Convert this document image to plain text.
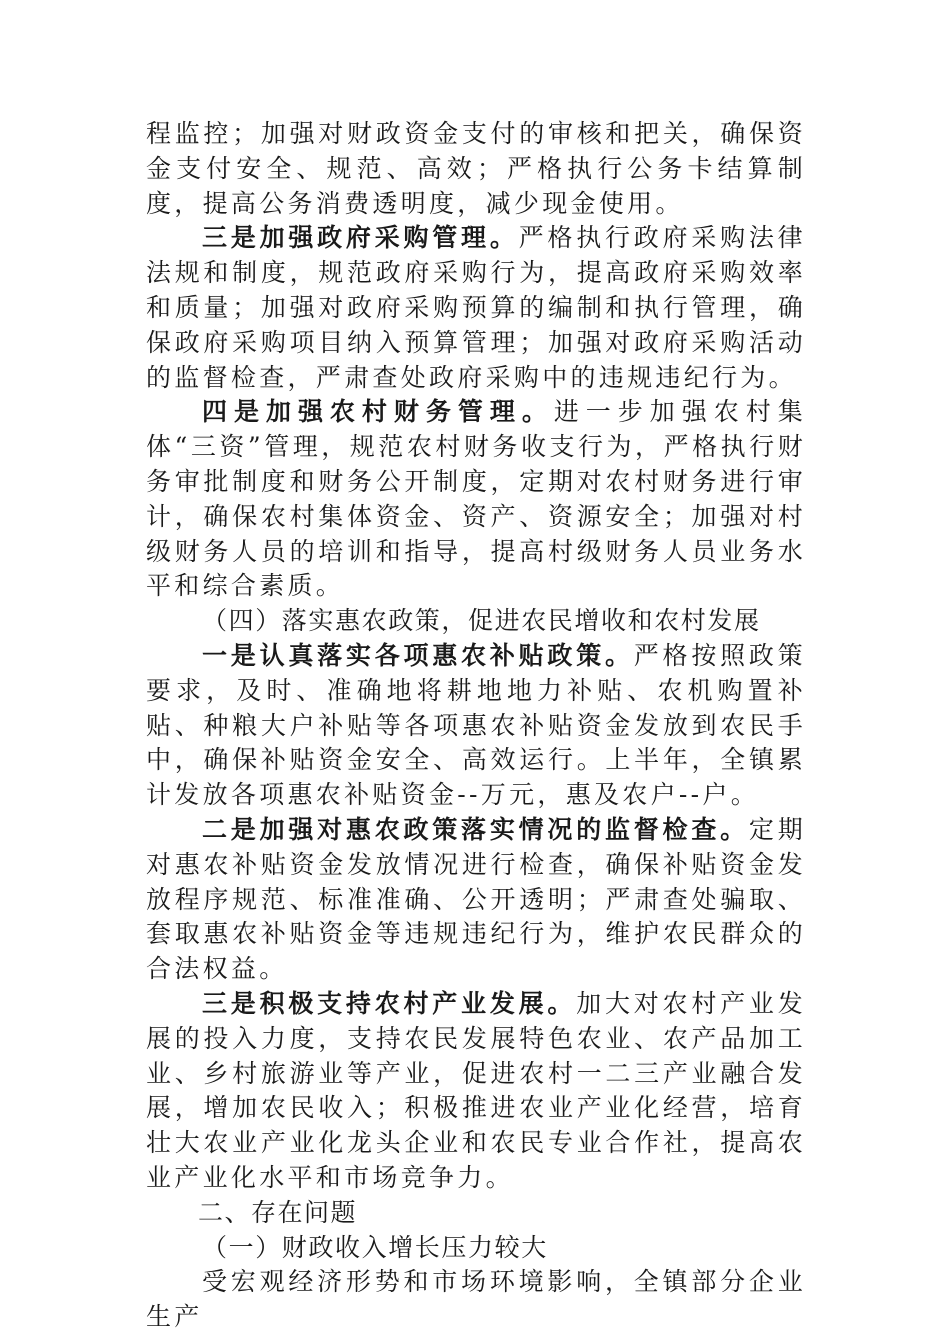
程监控；加强对财政资金支付的审核和把关，确保资金支付安全、规范、高效；严格执行公务卡结算制度，提高公务消费透明度，减少现金使用。

三是加强政府采购管理。严格执行政府采购法律法规和制度，规范政府采购行为，提高政府采购效率和质量；加强对政府采购预算的编制和执行管理，确保政府采购项目纳入预算管理；加强对政府采购活动的监督检查，严肃查处政府采购中的违规违纪行为。

四是加强农村财务管理。进一步加强农村集体“三资”管理，规范农村财务收支行为，严格执行财务审批制度和财务公开制度，定期对农村财务进行审计，确保农村集体资金、资产、资源安全；加强对村级财务人员的培训和指导，提高村级财务人员业务水平和综合素质。

（四）落实惠农政策，促进农民增收和农村发展

一是认真落实各项惠农补贴政策。严格按照政策要求，及时、准确地将耕地地力补贴、农机购置补贴、种粮大户补贴等各项惠农补贴资金发放到农民手中，确保补贴资金安全、高效运行。上半年，全镇累计发放各项惠农补贴资金--万元，惠及农户--户。

二是加强对惠农政策落实情况的监督检查。定期对惠农补贴资金发放情况进行检查，确保补贴资金发放程序规范、标准准确、公开透明；严肃查处骗取、套取惠农补贴资金等违规违纪行为，维护农民群众的合法权益。

三是积极支持农村产业发展。加大对农村产业发展的投入力度，支持农民发展特色农业、农产品加工业、乡村旅游业等产业，促进农村一二三产业融合发展，增加农民收入；积极推进农业产业化经营，培育壮大农业产业化龙头企业和农民专业合作社，提高农业产业化水平和市场竞争力。

二、存在问题

（一）财政收入增长压力较大

受宏观经济形势和市场环境影响，全镇部分企业生产
